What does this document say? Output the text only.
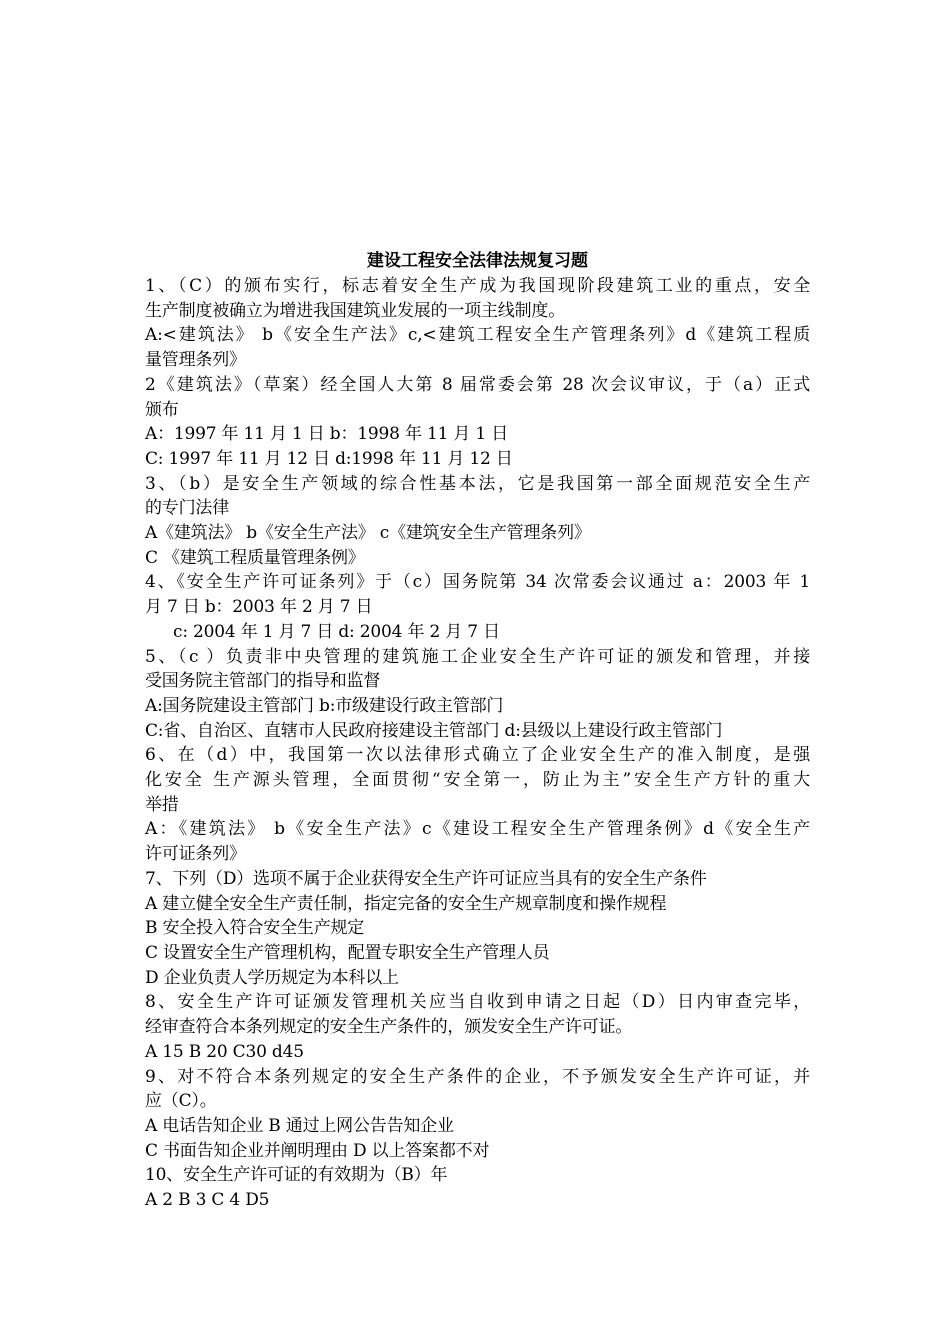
建设工程安全法律法规复习题

1、（C）的颁布实行，标志着安全生产成为我国现阶段建筑工业的重点，安全

生产制度被确立为增进我国建筑业发展的一项主线制度。

A:<建筑法》 b《安全生产法》c,<建筑工程安全生产管理条列》d《建筑工程质

量管理条列》

2《建筑法》（草案）经全国人大第 8 届常委会第 28 次会议审议，于（a）正式

颁布

A：1997 年 11 月 1 日 b：1998 年 11 月 1 日

C: 1997 年 11 月 12 日 d:1998 年 11 月 12 日

3、（b）是安全生产领域的综合性基本法，它是我国第一部全面规范安全生产

的专门法律

A《建筑法》 b《安全生产法》 c《建筑安全生产管理条列》

C 《建筑工程质量管理条例》

4、《安全生产许可证条列》于（c）国务院第 34 次常委会议通过 a：2003 年 1

月 7 日 b：2003 年 2 月 7 日

c: 2004 年 1 月 7 日 d: 2004 年 2 月 7 日

5、（c ）负责非中央管理的建筑施工企业安全生产许可证的颁发和管理，并接

受国务院主管部门的指导和监督

A:国务院建设主管部门 b:市级建设行政主管部门

C:省、自治区、直辖市人民政府接建设主管部门 d:县级以上建设行政主管部门

6、在（d）中，我国第一次以法律形式确立了企业安全生产的准入制度，是强

化安全 生产源头管理，全面贯彻“安全第一，防止为主”安全生产方针的重大

举措

A：《建筑法》 b《安全生产法》c《建设工程安全生产管理条例》d《安全生产

许可证条列》

7、下列（D）选项不属于企业获得安全生产许可证应当具有的安全生产条件

A 建立健全安全生产责任制，指定完备的安全生产规章制度和操作规程

B 安全投入符合安全生产规定

C 设置安全生产管理机构，配置专职安全生产管理人员

D 企业负责人学历规定为本科以上

8、安全生产许可证颁发管理机关应当自收到申请之日起（D）日内审查完毕，

经审查符合本条列规定的安全生产条件的，颁发安全生产许可证。

A 15 B 20 C30 d45

9、对不符合本条列规定的安全生产条件的企业，不予颁发安全生产许可证，并

应（C）。

A 电话告知企业 B 通过上网公告告知企业

C 书面告知企业并阐明理由 D 以上答案都不对

10、安全生产许可证的有效期为（B）年

A 2 B 3 C 4 D5
